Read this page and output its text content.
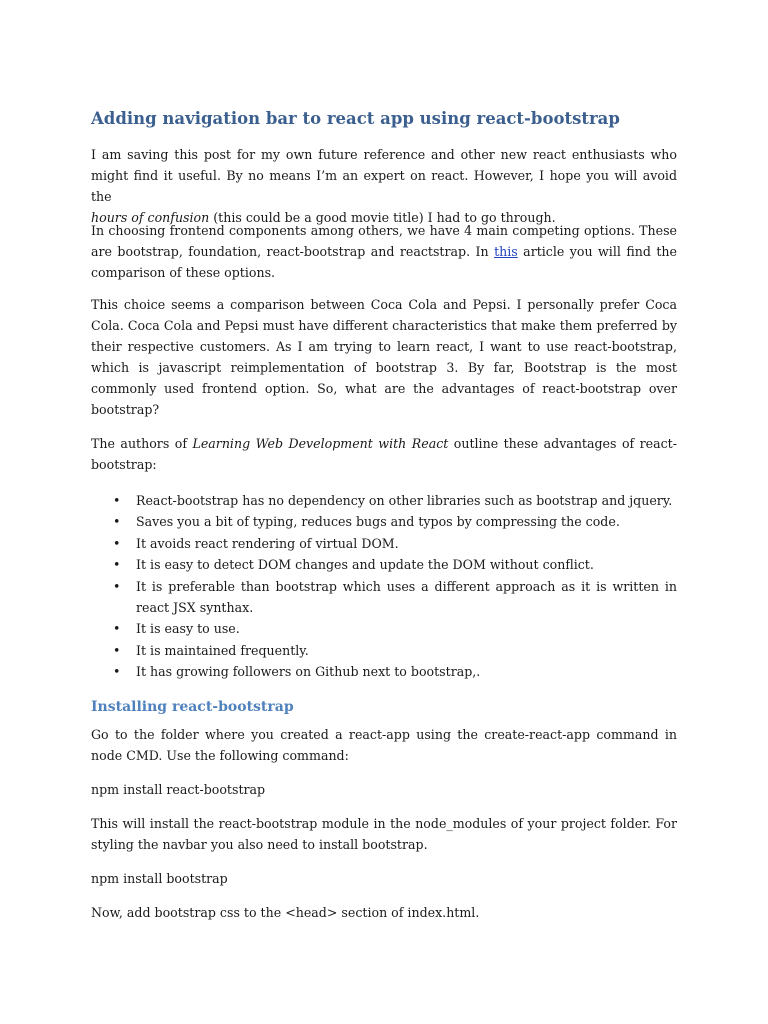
Adding navigation bar to react app using react-bootstrap
I am saving this post for my own future reference and other new react enthusiasts who
might find it useful. By no means I’m an expert on react. However, I hope you will avoid the
hours of confusion (this could be a good movie title) I had to go through.
In choosing frontend components among others, we have 4 main competing options. These
are bootstrap, foundation, react-bootstrap and reactstrap. In this article you will find the
comparison of these options.
This choice seems a comparison between Coca Cola and Pepsi. I personally prefer Coca
Cola. Coca Cola and Pepsi must have different characteristics that make them preferred by
their respective customers. As I am trying to learn react, I want to use react-bootstrap,
which is javascript reimplementation of bootstrap 3. By far, Bootstrap is the most
commonly used frontend option. So, what are the advantages of react-bootstrap over
bootstrap?
The authors of Learning Web Development with React outline these advantages of react-
bootstrap:
• React-bootstrap has no dependency on other libraries such as bootstrap and jquery.
• Saves you a bit of typing, reduces bugs and typos by compressing the code.
• It avoids react rendering of virtual DOM.
• It is easy to detect DOM changes and update the DOM without conflict.
• It is preferable than bootstrap which uses a different approach as it is written in
react JSX synthax.
• It is easy to use.
• It is maintained frequently.
• It has growing followers on Github next to bootstrap,.
Installing react-bootstrap
Go to the folder where you created a react-app using the create-react-app command in
node CMD. Use the following command:
npm install react-bootstrap
This will install the react-bootstrap module in the node_modules of your project folder. For
styling the navbar you also need to install bootstrap.
npm install bootstrap
Now, add bootstrap css to the <head> section of index.html.
